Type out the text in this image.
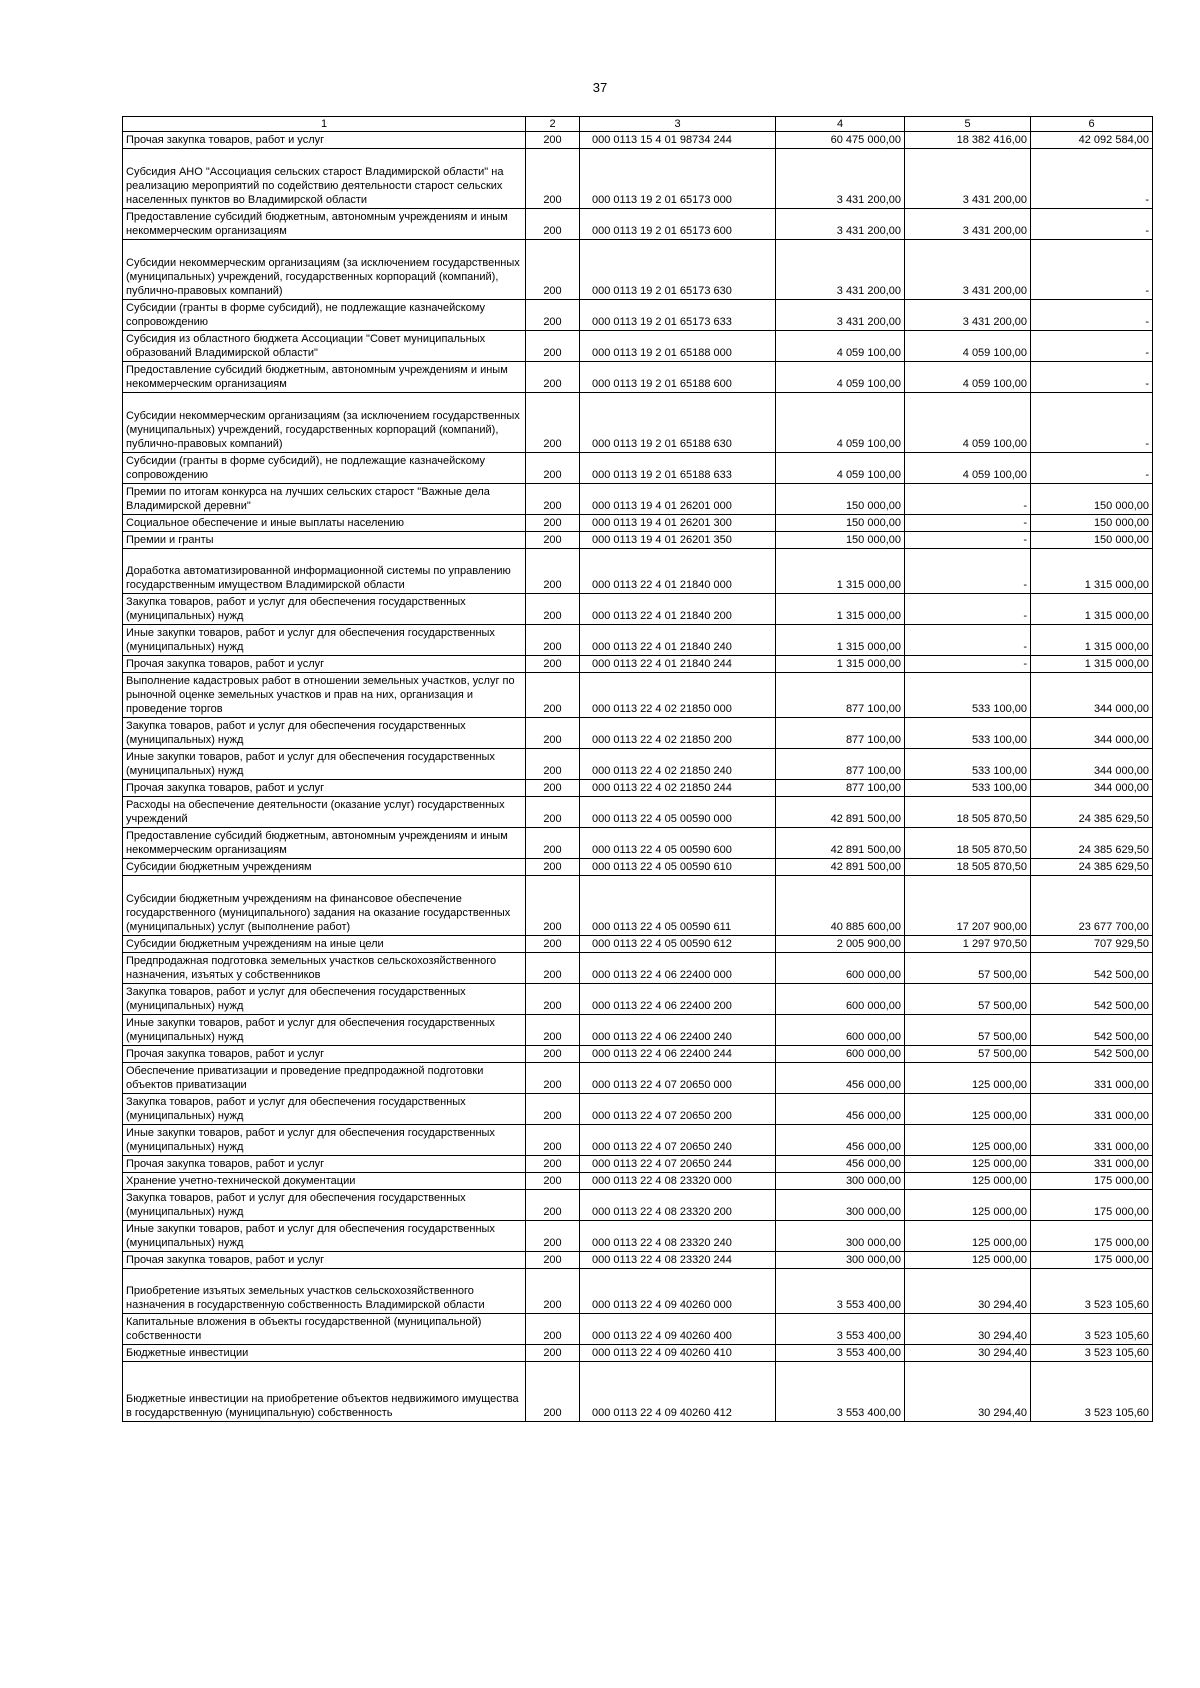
37
1	2	3	4	5	6
Прочая закупка товаров, работ и услуг	200	000 0113 15 4 01 98734 244	60 475 000,00	18 382 416,00	42 092 584,00
Субсидия АНО "Ассоциация сельских старост Владимирской области" на реализацию мероприятий по содействию деятельности старост сельских населенных пунктов во Владимирской области	200	000 0113 19 2 01 65173 000	3 431 200,00	3 431 200,00	-
Предоставление субсидий бюджетным, автономным учреждениям и иным некоммерческим организациям	200	000 0113 19 2 01 65173 600	3 431 200,00	3 431 200,00	-
Субсидии некоммерческим организациям (за исключением государственных (муниципальных) учреждений, государственных корпораций (компаний), публично-правовых компаний)	200	000 0113 19 2 01 65173 630	3 431 200,00	3 431 200,00	-
Субсидии (гранты в форме субсидий), не подлежащие казначейскому сопровождению	200	000 0113 19 2 01 65173 633	3 431 200,00	3 431 200,00	-
Субсидия из областного бюджета Ассоциации "Совет муниципальных образований Владимирской области"	200	000 0113 19 2 01 65188 000	4 059 100,00	4 059 100,00	-
Предоставление субсидий бюджетным, автономным учреждениям и иным некоммерческим организациям	200	000 0113 19 2 01 65188 600	4 059 100,00	4 059 100,00	-
Субсидии некоммерческим организациям (за исключением государственных (муниципальных) учреждений, государственных корпораций (компаний), публично-правовых компаний)	200	000 0113 19 2 01 65188 630	4 059 100,00	4 059 100,00	-
Субсидии (гранты в форме субсидий), не подлежащие казначейскому сопровождению	200	000 0113 19 2 01 65188 633	4 059 100,00	4 059 100,00	-
Премии по итогам конкурса на лучших сельских старост "Важные дела Владимирской деревни"	200	000 0113 19 4 01 26201 000	150 000,00	-	150 000,00
Социальное обеспечение и иные выплаты населению	200	000 0113 19 4 01 26201 300	150 000,00	-	150 000,00
Премии и гранты	200	000 0113 19 4 01 26201 350	150 000,00	-	150 000,00
Доработка автоматизированной информационной системы по управлению государственным имуществом Владимирской области	200	000 0113 22 4 01 21840 000	1 315 000,00	-	1 315 000,00
Закупка товаров, работ и услуг для обеспечения государственных (муниципальных) нужд	200	000 0113 22 4 01 21840 200	1 315 000,00	-	1 315 000,00
Иные закупки товаров, работ и услуг для обеспечения государственных (муниципальных) нужд	200	000 0113 22 4 01 21840 240	1 315 000,00	-	1 315 000,00
Прочая закупка товаров, работ и услуг	200	000 0113 22 4 01 21840 244	1 315 000,00	-	1 315 000,00
Выполнение кадастровых работ в отношении земельных участков, услуг по рыночной оценке земельных участков и прав на них, организация и проведение торгов	200	000 0113 22 4 02 21850 000	877 100,00	533 100,00	344 000,00
Закупка товаров, работ и услуг для обеспечения государственных (муниципальных) нужд	200	000 0113 22 4 02 21850 200	877 100,00	533 100,00	344 000,00
Иные закупки товаров, работ и услуг для обеспечения государственных (муниципальных) нужд	200	000 0113 22 4 02 21850 240	877 100,00	533 100,00	344 000,00
Прочая закупка товаров, работ и услуг	200	000 0113 22 4 02 21850 244	877 100,00	533 100,00	344 000,00
Расходы на обеспечение деятельности (оказание услуг) государственных учреждений	200	000 0113 22 4 05 00590 000	42 891 500,00	18 505 870,50	24 385 629,50
Предоставление субсидий бюджетным, автономным учреждениям и иным некоммерческим организациям	200	000 0113 22 4 05 00590 600	42 891 500,00	18 505 870,50	24 385 629,50
Субсидии бюджетным учреждениям	200	000 0113 22 4 05 00590 610	42 891 500,00	18 505 870,50	24 385 629,50
Субсидии бюджетным учреждениям на финансовое обеспечение государственного (муниципального) задания на оказание государственных (муниципальных) услуг (выполнение работ)	200	000 0113 22 4 05 00590 611	40 885 600,00	17 207 900,00	23 677 700,00
Субсидии бюджетным учреждениям на иные цели	200	000 0113 22 4 05 00590 612	2 005 900,00	1 297 970,50	707 929,50
Предпродажная подготовка земельных участков сельскохозяйственного назначения, изъятых у собственников	200	000 0113 22 4 06 22400 000	600 000,00	57 500,00	542 500,00
Закупка товаров, работ и услуг для обеспечения государственных (муниципальных) нужд	200	000 0113 22 4 06 22400 200	600 000,00	57 500,00	542 500,00
Иные закупки товаров, работ и услуг для обеспечения государственных (муниципальных) нужд	200	000 0113 22 4 06 22400 240	600 000,00	57 500,00	542 500,00
Прочая закупка товаров, работ и услуг	200	000 0113 22 4 06 22400 244	600 000,00	57 500,00	542 500,00
Обеспечение приватизации и проведение предпродажной подготовки объектов приватизации	200	000 0113 22 4 07 20650 000	456 000,00	125 000,00	331 000,00
Закупка товаров, работ и услуг для обеспечения государственных (муниципальных) нужд	200	000 0113 22 4 07 20650 200	456 000,00	125 000,00	331 000,00
Иные закупки товаров, работ и услуг для обеспечения государственных (муниципальных) нужд	200	000 0113 22 4 07 20650 240	456 000,00	125 000,00	331 000,00
Прочая закупка товаров, работ и услуг	200	000 0113 22 4 07 20650 244	456 000,00	125 000,00	331 000,00
Хранение учетно-технической документации	200	000 0113 22 4 08 23320 000	300 000,00	125 000,00	175 000,00
Закупка товаров, работ и услуг для обеспечения государственных (муниципальных) нужд	200	000 0113 22 4 08 23320 200	300 000,00	125 000,00	175 000,00
Иные закупки товаров, работ и услуг для обеспечения государственных (муниципальных) нужд	200	000 0113 22 4 08 23320 240	300 000,00	125 000,00	175 000,00
Прочая закупка товаров, работ и услуг	200	000 0113 22 4 08 23320 244	300 000,00	125 000,00	175 000,00
Приобретение изъятых земельных участков сельскохозяйственного назначения в государственную собственность Владимирской области	200	000 0113 22 4 09 40260 000	3 553 400,00	30 294,40	3 523 105,60
Капитальные вложения в объекты государственной (муниципальной) собственности	200	000 0113 22 4 09 40260 400	3 553 400,00	30 294,40	3 523 105,60
Бюджетные инвестиции	200	000 0113 22 4 09 40260 410	3 553 400,00	30 294,40	3 523 105,60
Бюджетные инвестиции на приобретение объектов недвижимого имущества в государственную (муниципальную) собственность	200	000 0113 22 4 09 40260 412	3 553 400,00	30 294,40	3 523 105,60
